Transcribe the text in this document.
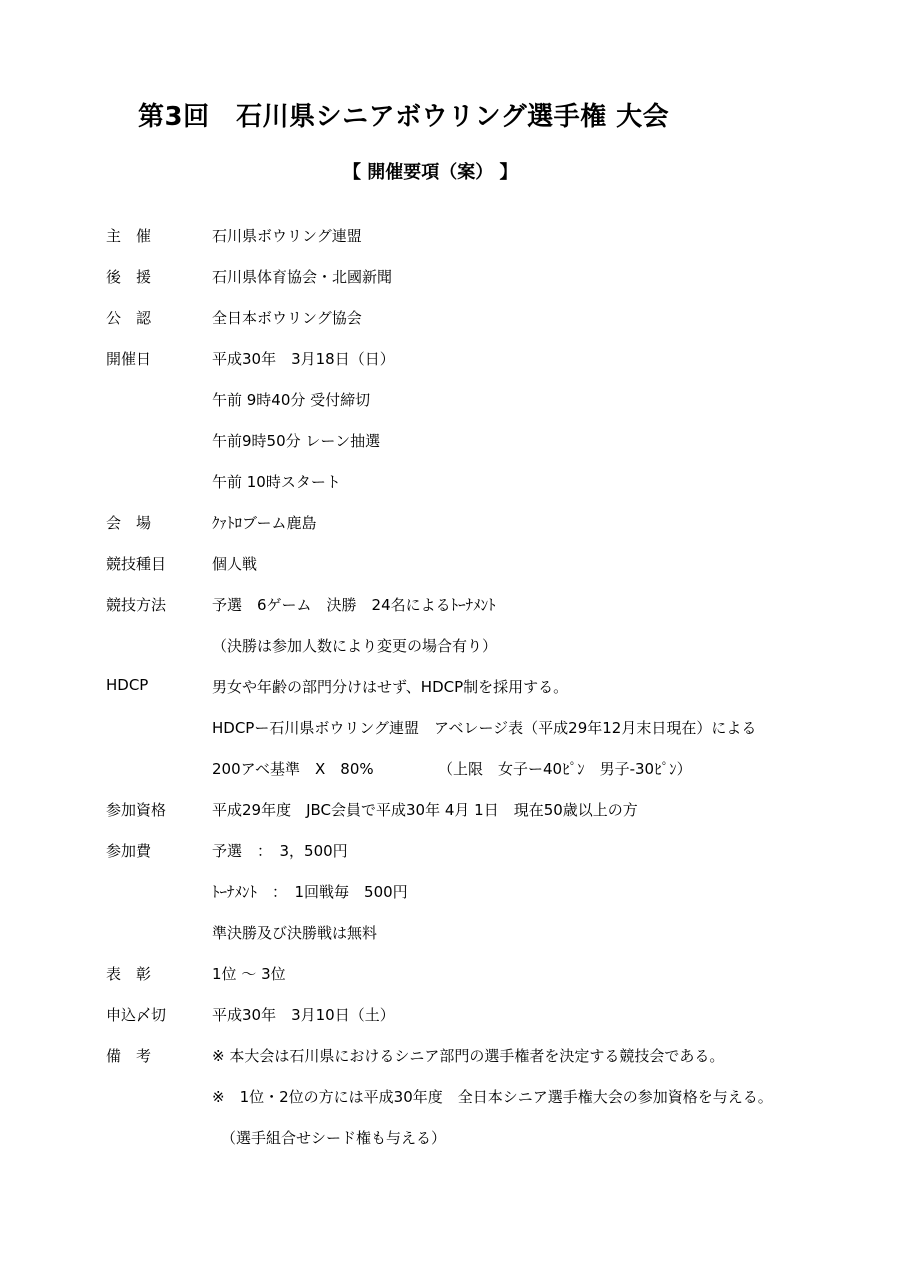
第3回　石川県シニアボウリング選手権 大会
【 開催要項（案） 】
主　催	石川県ボウリング連盟
後　援	石川県体育協会・北國新聞
公　認	全日本ボウリング協会
開催日	平成30年　3月18日（日）
午前 9時40分 受付締切
午前9時50分 レーン抽選
午前 10時スタート
会　場	ｸｧﾄﾛブーム鹿島
競技種目	個人戦
競技方法	予選　6ゲーム　決勝　24名によるﾄｰﾅﾒﾝﾄ
（決勝は参加人数により変更の場合有り）
HDCP	男女や年齢の部門分けはせず、HDCP制を採用する。
HDCPー石川県ボウリング連盟　アベレージ表（平成29年12月末日現在）による
200アベ基準　X　80%	（上限　女子ー40ﾋﾟﾝ　男子-30ﾋﾟﾝ）
参加資格	平成29年度　JBC会員で平成30年 4月 1日　現在50歳以上の方
参加費	予選　：　3，500円
ﾄｰﾅﾒﾝﾄ　：　1回戦毎　500円
準決勝及び決勝戦は無料
表　彰	1位 ～ 3位
申込〆切	平成30年　3月10日（土）
備　考	※ 本大会は石川県におけるシニア部門の選手権者を決定する競技会である。
※　1位・2位の方には平成30年度　全日本シニア選手権大会の参加資格を与える。
（選手組合せシード権も与える）
